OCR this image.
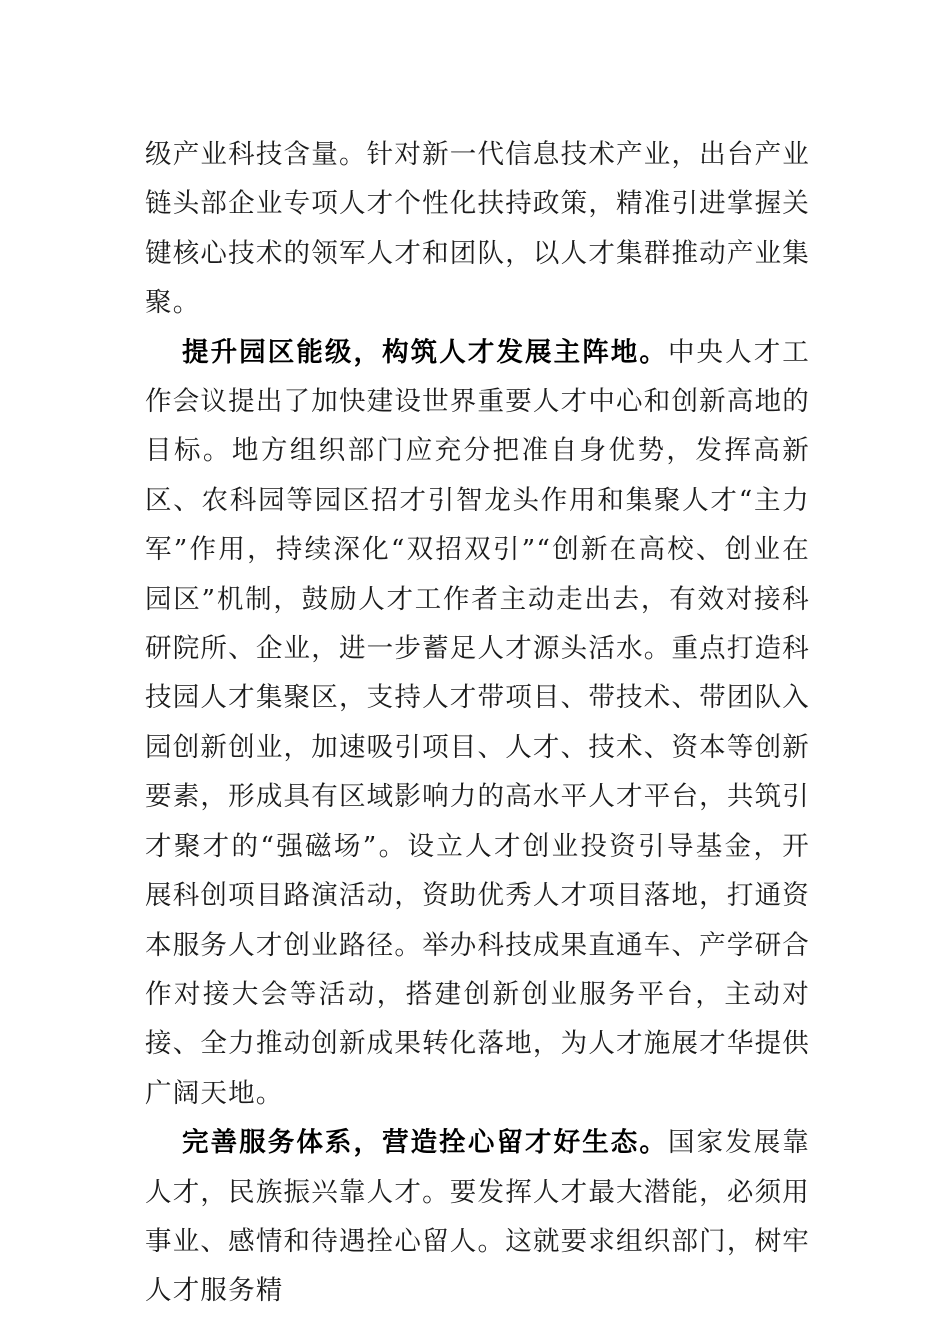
级产业科技含量。针对新一代信息技术产业，出台产业链头部企业专项人才个性化扶持政策，精准引进掌握关键核心技术的领军人才和团队，以人才集群推动产业集聚。

提升园区能级，构筑人才发展主阵地。中央人才工作会议提出了加快建设世界重要人才中心和创新高地的目标。地方组织部门应充分把准自身优势，发挥高新区、农科园等园区招才引智龙头作用和集聚人才“主力军”作用，持续深化“双招双引”“创新在高校、创业在园区”机制，鼓励人才工作者主动走出去，有效对接科研院所、企业，进一步蓄足人才源头活水。重点打造科技园人才集聚区，支持人才带项目、带技术、带团队入园创新创业，加速吸引项目、人才、技术、资本等创新要素，形成具有区域影响力的高水平人才平台，共筑引才聚才的“强磁场”。设立人才创业投资引导基金，开展科创项目路演活动，资助优秀人才项目落地，打通资本服务人才创业路径。举办科技成果直通车、产学研合作对接大会等活动，搭建创新创业服务平台，主动对接、全力推动创新成果转化落地，为人才施展才华提供广阔天地。

完善服务体系，营造拴心留才好生态。国家发展靠人才，民族振兴靠人才。要发挥人才最大潜能，必须用事业、感情和待遇拴心留人。这就要求组织部门，树牢人才服务精
